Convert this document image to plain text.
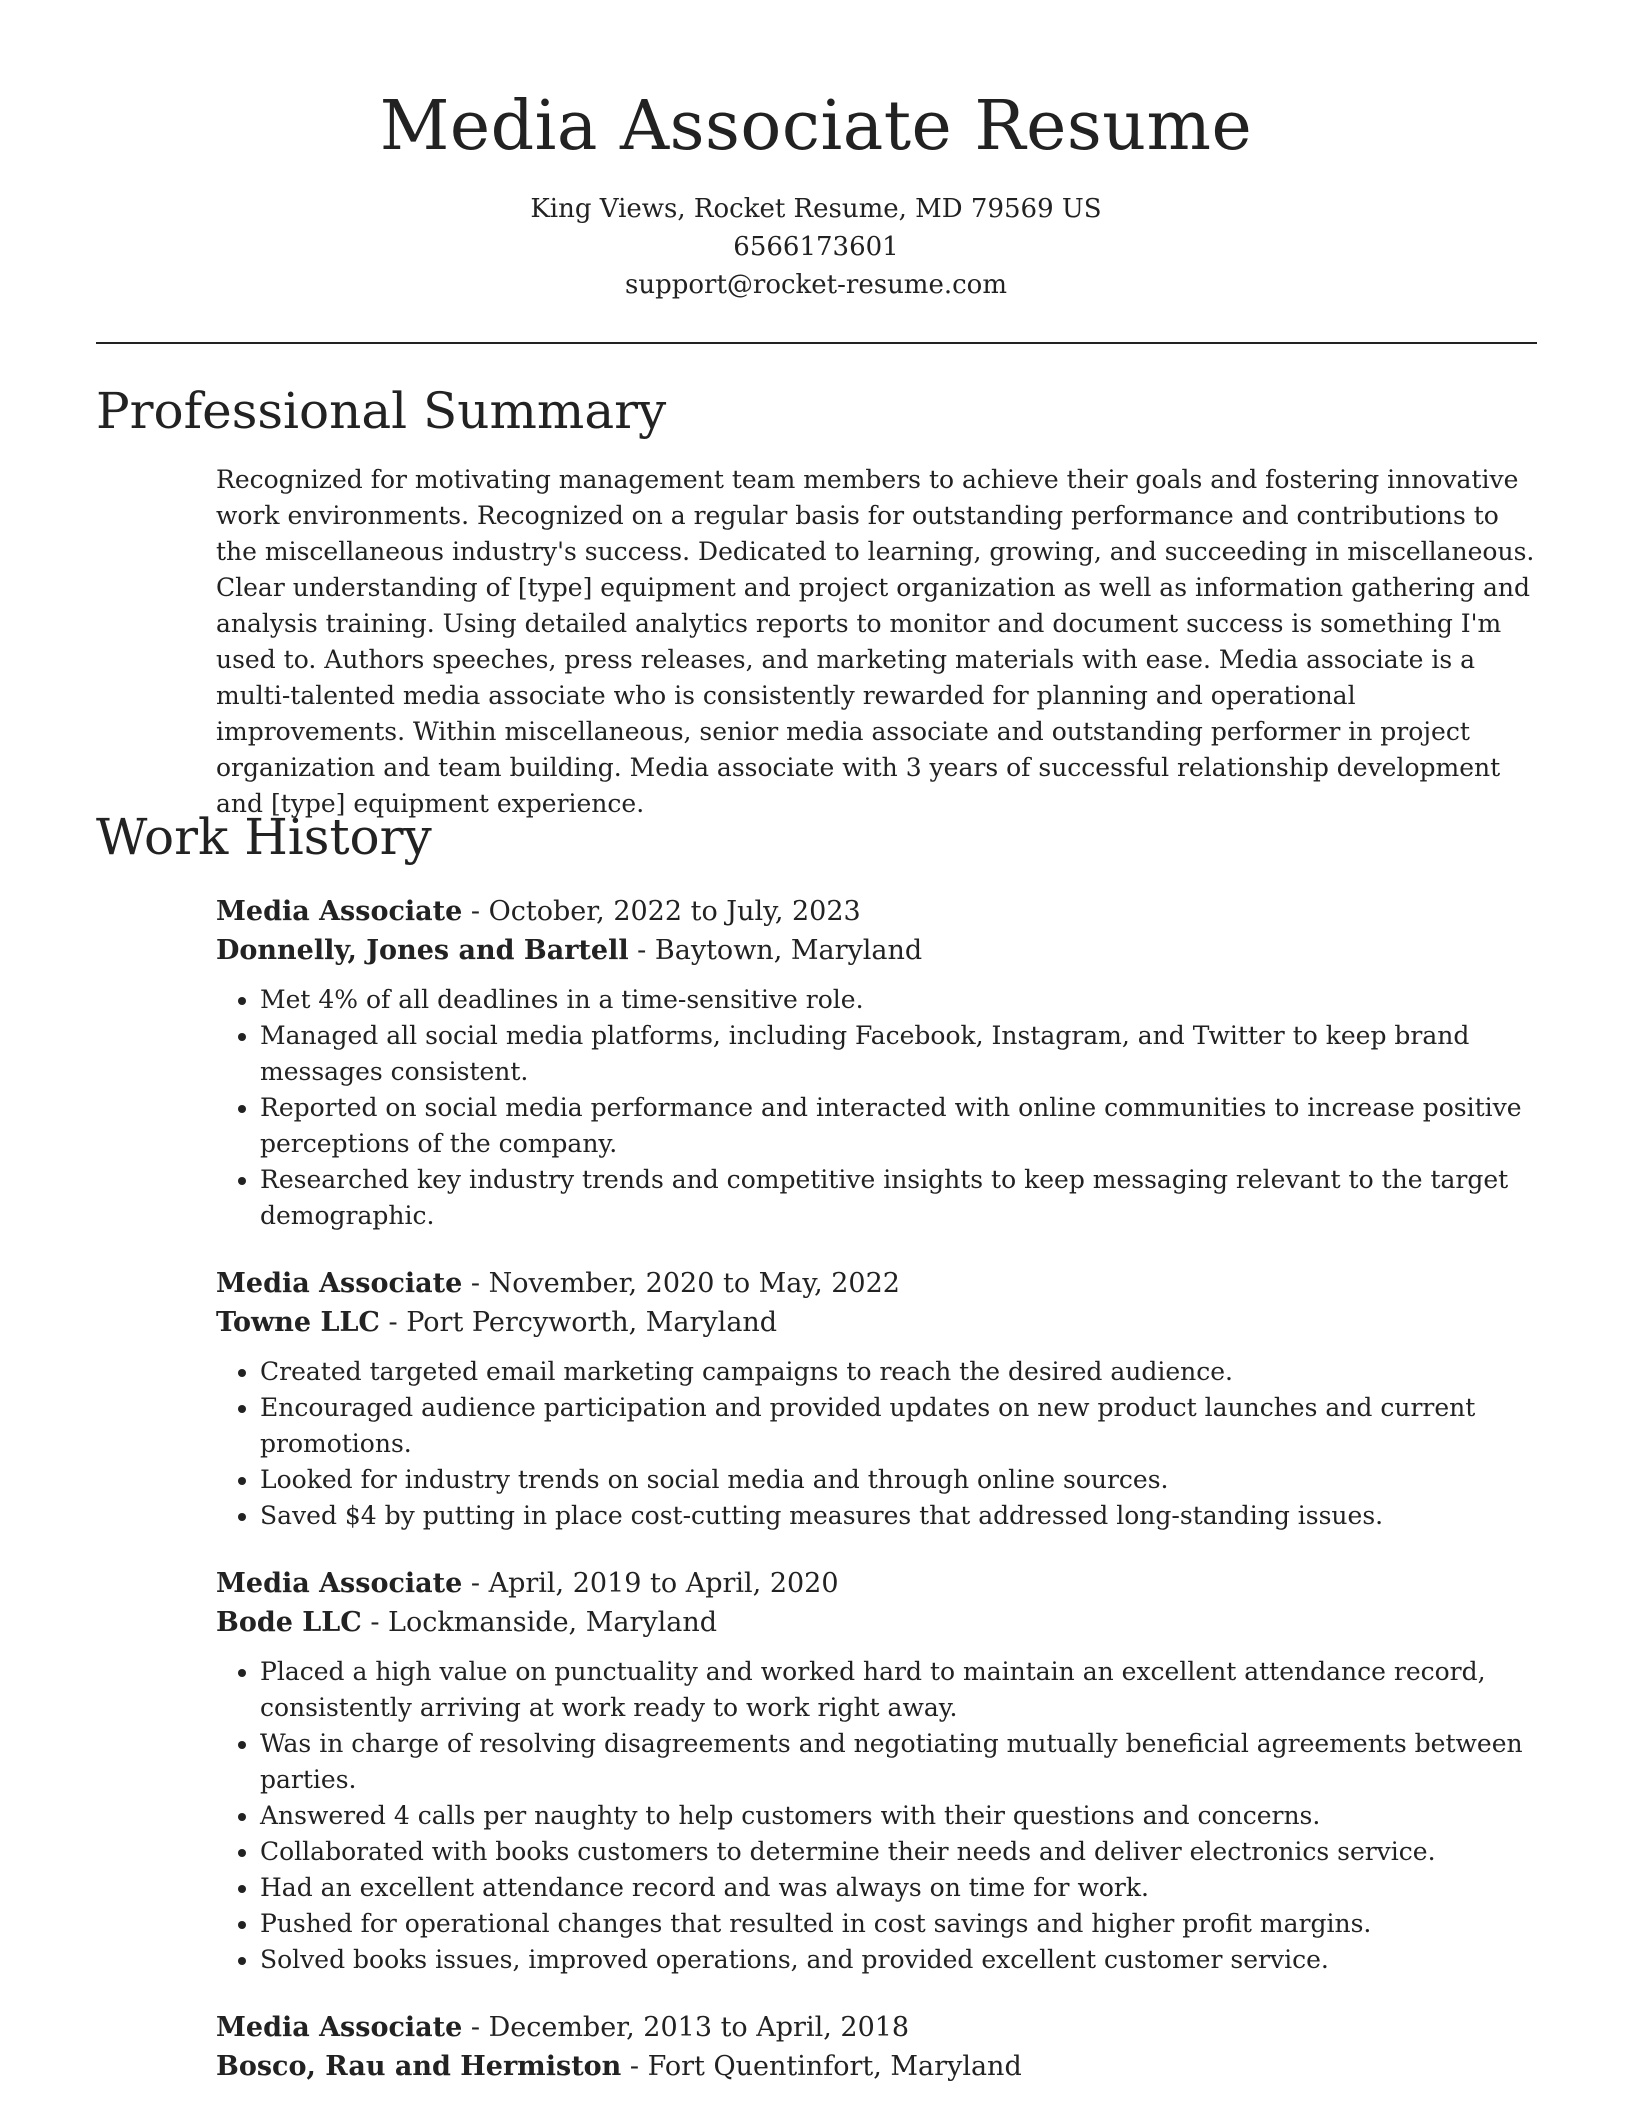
Media Associate Resume
King Views, Rocket Resume, MD 79569 US
6566173601
support@rocket-resume.com
Professional Summary

Recognized for motivating management team members to achieve their goals and fostering innovative work environments. Recognized on a regular basis for outstanding performance and contributions to the miscellaneous industry's success. Dedicated to learning, growing, and succeeding in miscellaneous. Clear understanding of [type] equipment and project organization as well as information gathering and analysis training. Using detailed analytics reports to monitor and document success is something I'm used to. Authors speeches, press releases, and marketing materials with ease. Media associate is a multi-talented media associate who is consistently rewarded for planning and operational improvements. Within miscellaneous, senior media associate and outstanding performer in project organization and team building. Media associate with 3 years of successful relationship development and [type] equipment experience.

Work History
Media Associate - October, 2022 to July, 2023
Donnelly, Jones and Bartell - Baytown, Maryland
• Met 4% of all deadlines in a time-sensitive role.
• Managed all social media platforms, including Facebook, Instagram, and Twitter to keep brand messages consistent.
• Reported on social media performance and interacted with online communities to increase positive perceptions of the company.
• Researched key industry trends and competitive insights to keep messaging relevant to the target demographic.
Media Associate - November, 2020 to May, 2022
Towne LLC - Port Percyworth, Maryland
• Created targeted email marketing campaigns to reach the desired audience.
• Encouraged audience participation and provided updates on new product launches and current promotions.
• Looked for industry trends on social media and through online sources.
• Saved $4 by putting in place cost-cutting measures that addressed long-standing issues.
Media Associate - April, 2019 to April, 2020
Bode LLC - Lockmanside, Maryland
• Placed a high value on punctuality and worked hard to maintain an excellent attendance record, consistently arriving at work ready to work right away.
• Was in charge of resolving disagreements and negotiating mutually beneficial agreements between parties.
• Answered 4 calls per naughty to help customers with their questions and concerns.
• Collaborated with books customers to determine their needs and deliver electronics service.
• Had an excellent attendance record and was always on time for work.
• Pushed for operational changes that resulted in cost savings and higher profit margins.
• Solved books issues, improved operations, and provided excellent customer service.
Media Associate - December, 2013 to April, 2018
Bosco, Rau and Hermiston - Fort Quentinfort, Maryland
